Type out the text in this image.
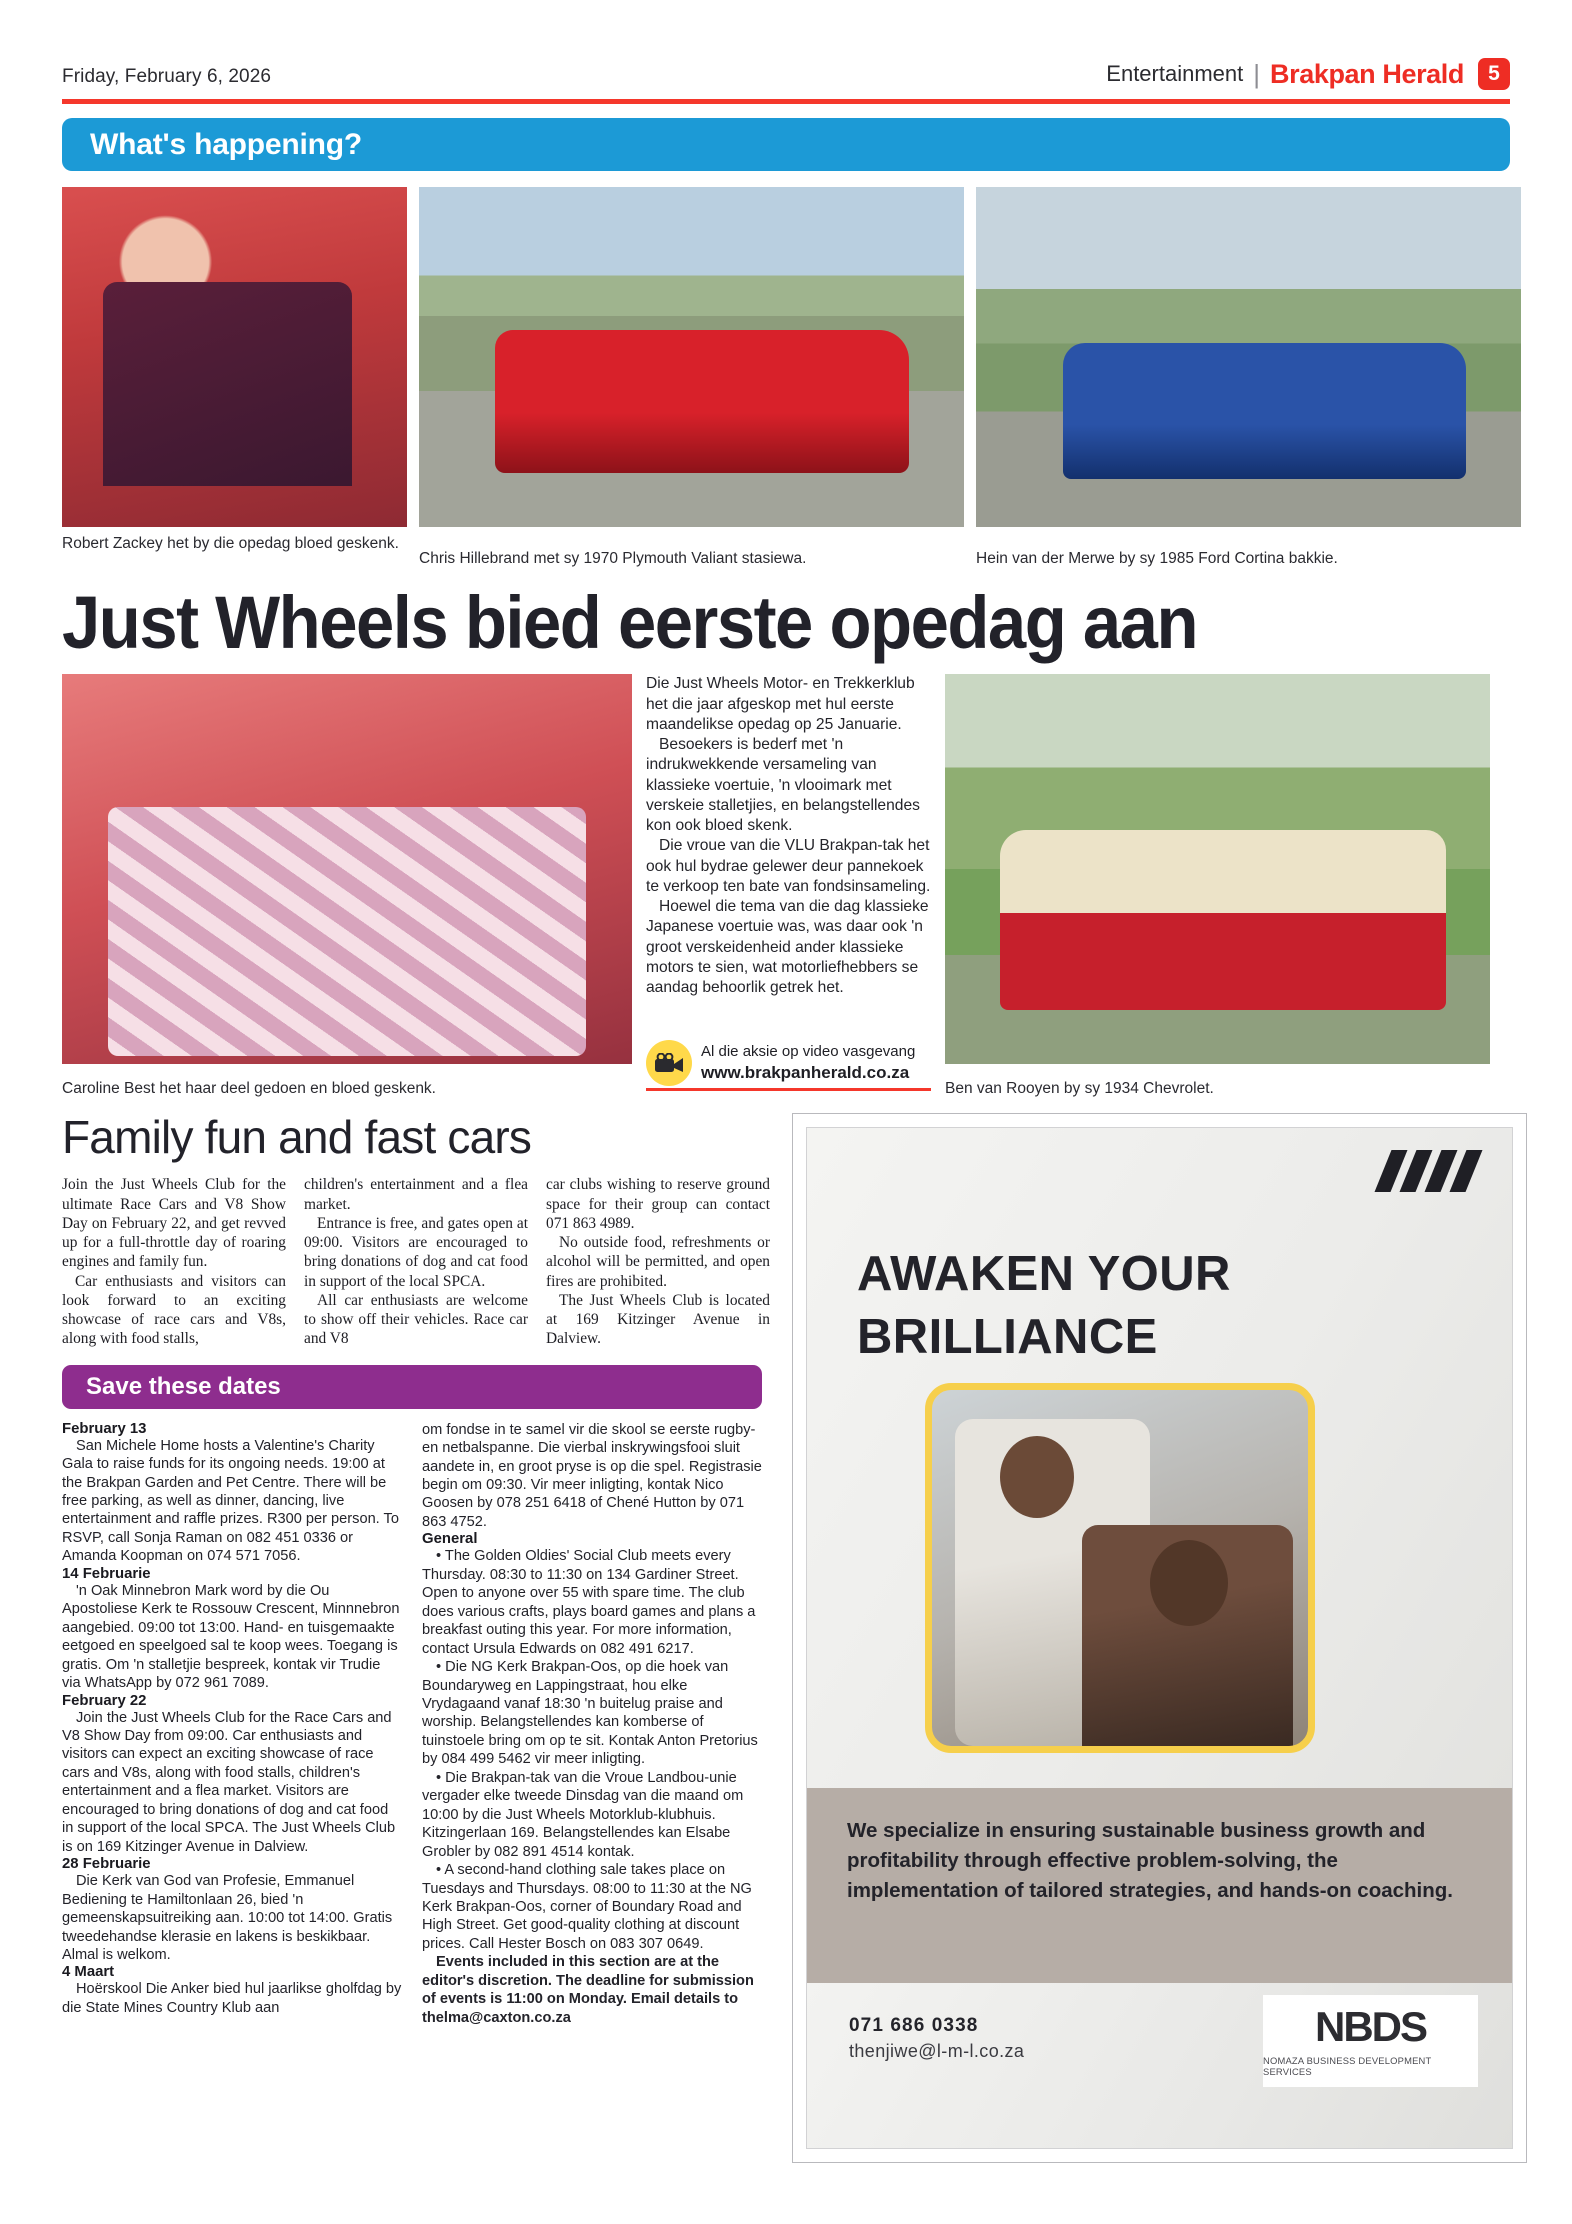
Friday, February 6, 2026	Entertainment | Brakpan Herald	5
What's happening?
Robert Zackey het by die opedag bloed geskenk.
Chris Hillebrand met sy 1970 Plymouth Valiant stasiewa.	Hein van der Merwe by sy 1985 Ford Cortina bakkie.
Just Wheels bied eerste opedag aan

Die Just Wheels Motor- en Trekkerklub het die jaar afgeskop met hul eerste maandelikse opedag op 25 Januarie.

Besoekers is bederf met 'n indrukwekkende versameling van klassieke voertuie, 'n vlooimark met verskeie stalletjies, en belangstellendes kon ook bloed skenk.

Die vroue van die VLU Brakpan-tak het ook hul bydrae gelewer deur pannekoek te verkoop ten bate van fondsinsameling.

Hoewel die tema van die dag klassieke Japanese voertuie was, was daar ook 'n groot verskeidenheid ander klassieke motors te sien, wat motorliefhebbers se aandag behoorlik getrek het.

Caroline Best het haar deel gedoen en bloed geskenk.
Al die aksie op video vasgevang
www.brakpanherald.co.za
Ben van Rooyen by sy 1934 Chevrolet.
Family fun and fast cars

Join the Just Wheels Club for the ultimate Race Cars and V8 Show Day on February 22, and get revved up for a full-throttle day of roaring engines and family fun.

Car enthusiasts and visitors can look forward to an exciting showcase of race cars and V8s, along with food stalls,

children's entertainment and a flea market.

Entrance is free, and gates open at 09:00. Visitors are encouraged to bring donations of dog and cat food in support of the local SPCA.

All car enthusiasts are welcome to show off their vehicles. Race car and V8

car clubs wishing to reserve ground space for their group can contact 071 863 4989.

No outside food, refreshments or alcohol will be permitted, and open fires are prohibited.

The Just Wheels Club is located at 169 Kitzinger Avenue in Dalview.

Save these dates
February 13

San Michele Home hosts a Valentine's Charity Gala to raise funds for its ongoing needs. 19:00 at the Brakpan Garden and Pet Centre. There will be free parking, as well as dinner, dancing, live entertainment and raffle prizes. R300 per person. To RSVP, call Sonja Raman on 082 451 0336 or Amanda Koopman on 074 571 7056.

14 Februarie

'n Oak Minnebron Mark word by die Ou Apostoliese Kerk te Rossouw Crescent, Minnnebron aangebied. 09:00 tot 13:00. Hand- en tuisgemaakte eetgoed en speelgoed sal te koop wees. Toegang is gratis. Om 'n stalletjie bespreek, kontak vir Trudie via WhatsApp by 072 961 7089.

February 22

Join the Just Wheels Club for the Race Cars and V8 Show Day from 09:00. Car enthusiasts and visitors can expect an exciting showcase of race cars and V8s, along with food stalls, children's entertainment and a flea market. Visitors are encouraged to bring donations of dog and cat food in support of the local SPCA. The Just Wheels Club is on 169 Kitzinger Avenue in Dalview.

28 Februarie

Die Kerk van God van Profesie, Emmanuel Bediening te Hamiltonlaan 26, bied 'n gemeenskapsuitreiking aan. 10:00 tot 14:00. Gratis tweedehandse klerasie en lakens is beskikbaar. Almal is welkom.

4 Maart

Hoërskool Die Anker bied hul jaarlikse gholfdag by die State Mines Country Klub aan

om fondse in te samel vir die skool se eerste rugby- en netbalspanne. Die vierbal inskrywingsfooi sluit aandete in, en groot pryse is op die spel. Registrasie begin om 09:30. Vir meer inligting, kontak Nico Goosen by 078 251 6418 of Chené Hutton by 071 863 4752.

General

• The Golden Oldies' Social Club meets every Thursday. 08:30 to 11:30 on 134 Gardiner Street. Open to anyone over 55 with spare time. The club does various crafts, plays board games and plans a breakfast outing this year. For more information, contact Ursula Edwards on 082 491 6217.

• Die NG Kerk Brakpan-Oos, op die hoek van Boundaryweg en Lappingstraat, hou elke Vrydagaand vanaf 18:30 'n buitelug praise and worship. Belangstellendes kan komberse of tuinstoele bring om op te sit. Kontak Anton Pretorius by 084 499 5462 vir meer inligting.

• Die Brakpan-tak van die Vroue Landbou-unie vergader elke tweede Dinsdag van die maand om 10:00 by die Just Wheels Motorklub-klubhuis. Kitzingerlaan 169. Belangstellendes kan Elsabe Grobler by 082 891 4514 kontak.

• A second-hand clothing sale takes place on Tuesdays and Thursdays. 08:00 to 11:30 at the NG Kerk Brakpan-Oos, corner of Boundary Road and High Street. Get good-quality clothing at discount prices. Call Hester Bosch on 083 307 0649.

Events included in this section are at the editor's discretion. The deadline for submission of events is 11:00 on Monday. Email details to thelma@caxton.co.za

AWAKEN YOUR
BRILLIANCE

We specialize in ensuring sustainable business growth and profitability through effective problem-solving, the implementation of tailored strategies, and hands-on coaching.

071 686 0338
thenjiwe@l-m-l.co.za
NBDS
NOMAZA BUSINESS DEVELOPMENT SERVICES
